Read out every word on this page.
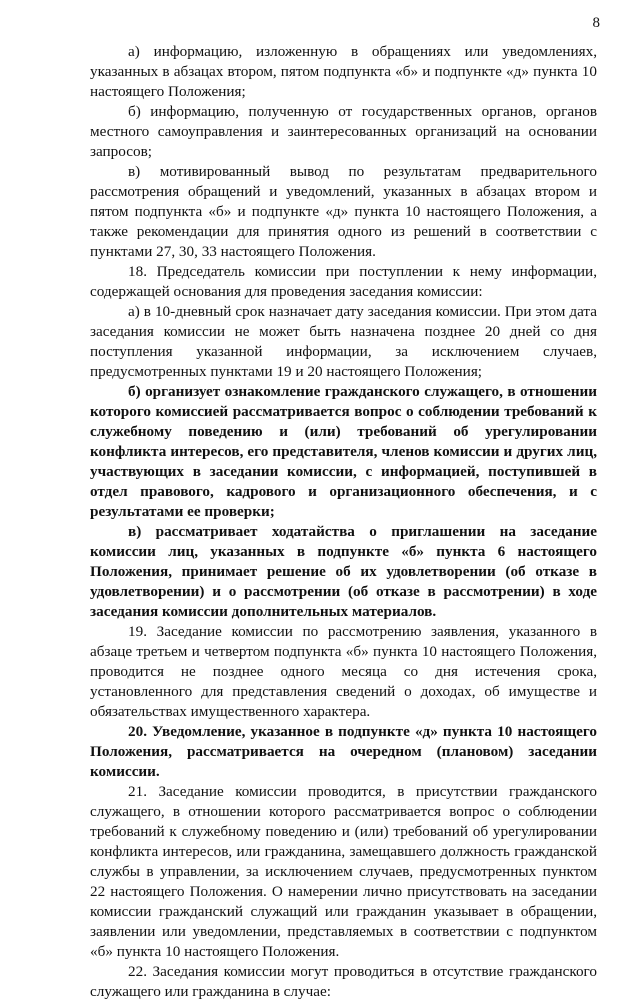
8

а) информацию, изложенную в обращениях или уведомлениях, указанных в абзацах втором, пятом подпункта «б» и подпункте «д» пункта 10 настоящего Положения;

б) информацию, полученную от государственных органов, органов местного самоуправления и заинтересованных организаций на основании запросов;

в) мотивированный вывод по результатам предварительного рассмотрения обращений и уведомлений, указанных в абзацах втором и пятом подпункта «б» и подпункте «д» пункта 10 настоящего Положения, а также рекомендации для принятия одного из решений в соответствии с пунктами 27, 30, 33 настоящего Положения.

18. Председатель комиссии при поступлении к нему информации, содержащей основания для проведения заседания комиссии:

а) в 10-дневный срок назначает дату заседания комиссии. При этом дата заседания комиссии не может быть назначена позднее 20 дней со дня поступления указанной информации, за исключением случаев, предусмотренных пунктами 19 и 20 настоящего Положения;

б) организует ознакомление гражданского служащего, в отношении которого комиссией рассматривается вопрос о соблюдении требований к служебному поведению и (или) требований об урегулировании конфликта интересов, его представителя, членов комиссии и других лиц, участвующих в заседании комиссии, с информацией, поступившей в отдел правового, кадрового и организационного обеспечения, и с результатами ее проверки;

в) рассматривает ходатайства о приглашении на заседание комиссии лиц, указанных в подпункте «б» пункта 6 настоящего Положения, принимает решение об их удовлетворении (об отказе в удовлетворении) и о рассмотрении (об отказе в рассмотрении) в ходе заседания комиссии дополнительных материалов.

19. Заседание комиссии по рассмотрению заявления, указанного в абзаце третьем и четвертом подпункта «б» пункта 10 настоящего Положения, проводится не позднее одного месяца со дня истечения срока, установленного для представления сведений о доходах, об имуществе и обязательствах имущественного характера.

20. Уведомление, указанное в подпункте «д» пункта 10 настоящего Положения, рассматривается на очередном (плановом) заседании комиссии.

21. Заседание комиссии проводится, в присутствии гражданского служащего, в отношении которого рассматривается вопрос о соблюдении требований к служебному поведению и (или) требований об урегулировании конфликта интересов, или гражданина, замещавшего должность гражданской службы в управлении, за исключением случаев, предусмотренных пунктом 22 настоящего Положения. О намерении лично присутствовать на заседании комиссии гражданский служащий или гражданин указывает в обращении, заявлении или уведомлении, представляемых в соответствии с подпунктом «б» пункта 10 настоящего Положения.

22. Заседания комиссии могут проводиться в отсутствие гражданского служащего или гражданина в случае:
